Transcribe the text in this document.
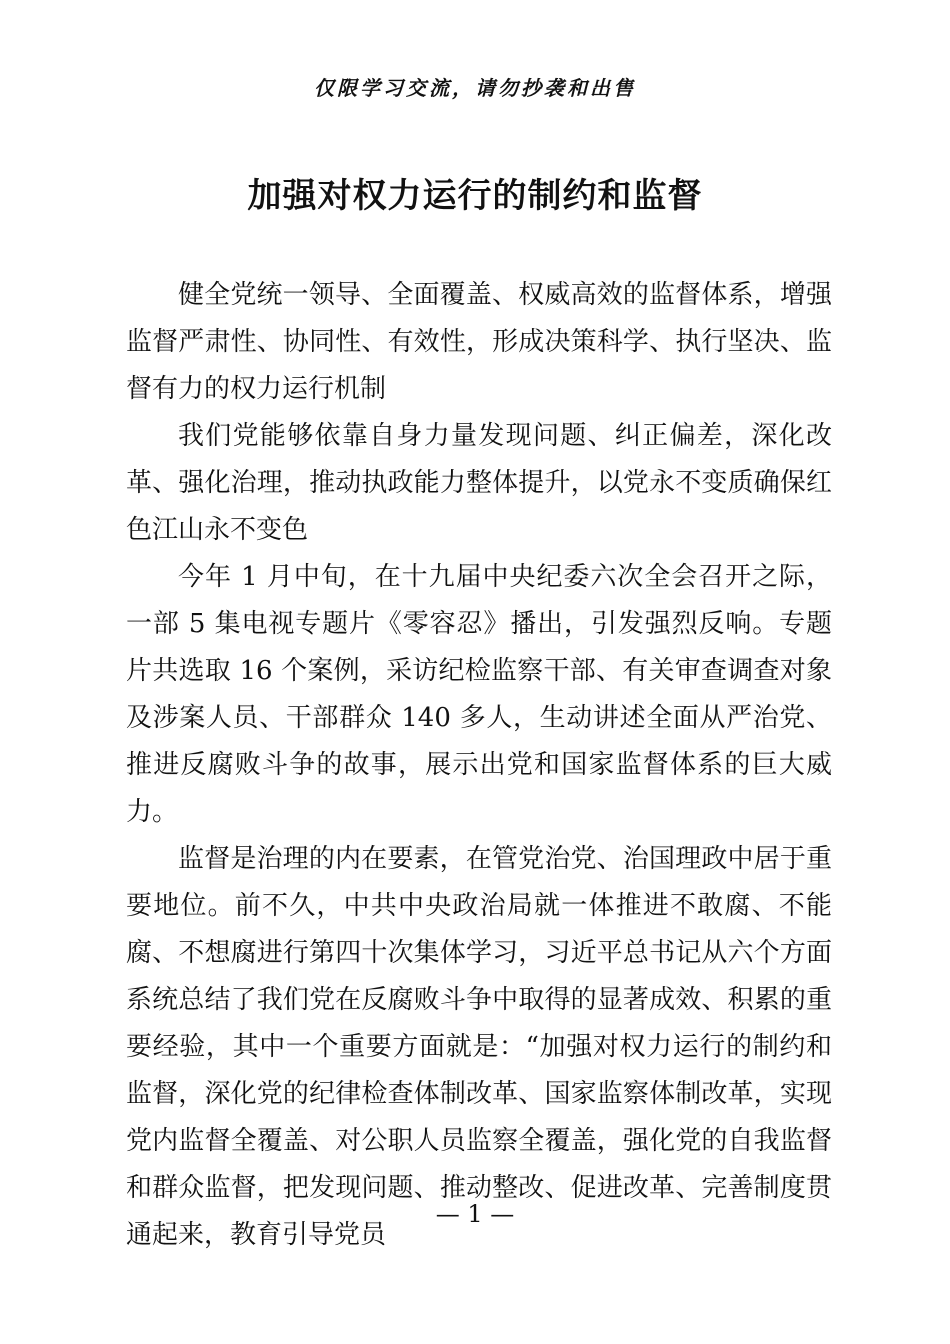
仅限学习交流，请勿抄袭和出售
加强对权力运行的制约和监督

健全党统一领导、全面覆盖、权威高效的监督体系，增强监督严肃性、协同性、有效性，形成决策科学、执行坚决、监督有力的权力运行机制

我们党能够依靠自身力量发现问题、纠正偏差，深化改革、强化治理，推动执政能力整体提升，以党永不变质确保红色江山永不变色

今年 1 月中旬，在十九届中央纪委六次全会召开之际，一部 5 集电视专题片《零容忍》播出，引发强烈反响。专题片共选取 16 个案例，采访纪检监察干部、有关审查调查对象及涉案人员、干部群众 140 多人，生动讲述全面从严治党、推进反腐败斗争的故事，展示出党和国家监督体系的巨大威力。

监督是治理的内在要素，在管党治党、治国理政中居于重要地位。前不久，中共中央政治局就一体推进不敢腐、不能腐、不想腐进行第四十次集体学习，习近平总书记从六个方面系统总结了我们党在反腐败斗争中取得的显著成效、积累的重要经验，其中一个重要方面就是：“加强对权力运行的制约和监督，深化党的纪律检查体制改革、国家监察体制改革，实现党内监督全覆盖、对公职人员监察全覆盖，强化党的自我监督和群众监督，把发现问题、推动整改、促进改革、完善制度贯通起来，教育引导党员

— 1 —
